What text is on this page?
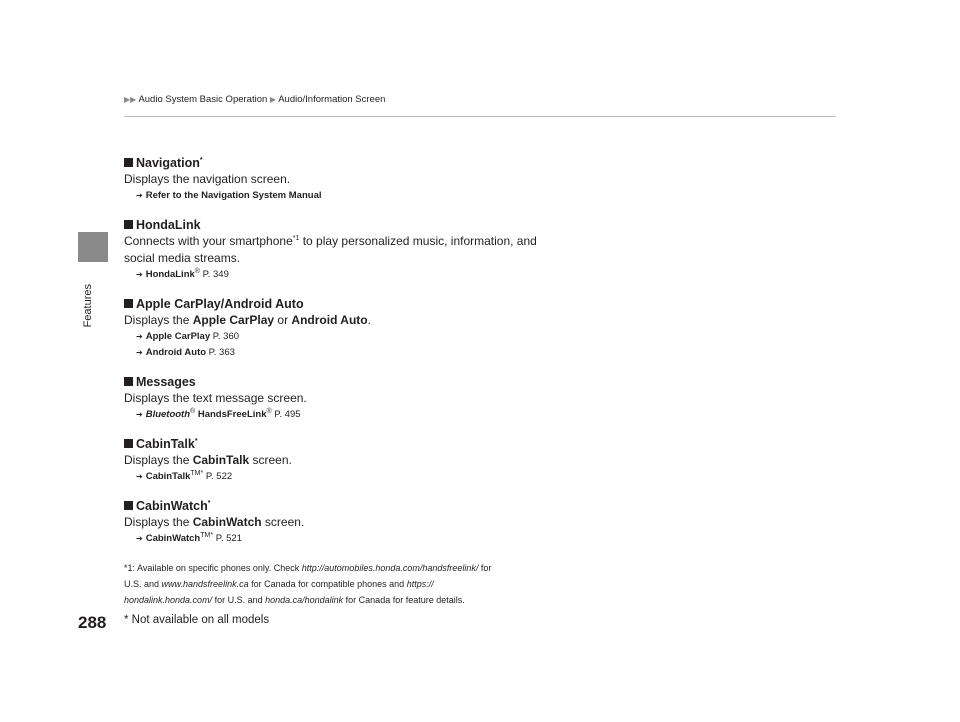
Features
288
▶▶ Audio System Basic Operation ▶ Audio/Information Screen
Navigation*
Displays the navigation screen.
➔ Refer to the Navigation System Manual
HondaLink
Connects with your smartphone$^{*1}$ to play personalized music, information, and
social media streams.
➔ HondaLink® P. 349
Apple CarPlay/Android Auto
Displays the Apple CarPlay or Android Auto.
➔ Apple CarPlay P. 360
➔ Android Auto P. 363
Messages
Displays the text message screen.
➔ Bluetooth® HandsFreeLink® P. 495
CabinTalk*
Displays the CabinTalk screen.
➔ CabinTalk$^{TM*}$ P. 522
CabinWatch*
Displays the CabinWatch screen.
➔ CabinWatch$^{TM*}$ P. 521
*1: Available on specific phones only. Check http://automobiles.honda.com/handsfreelink/ for
U.S. and www.handsfreelink.ca for Canada for compatible phones and https://
hondalink.honda.com/ for U.S. and honda.ca/hondalink for Canada for feature details.
* Not available on all models
